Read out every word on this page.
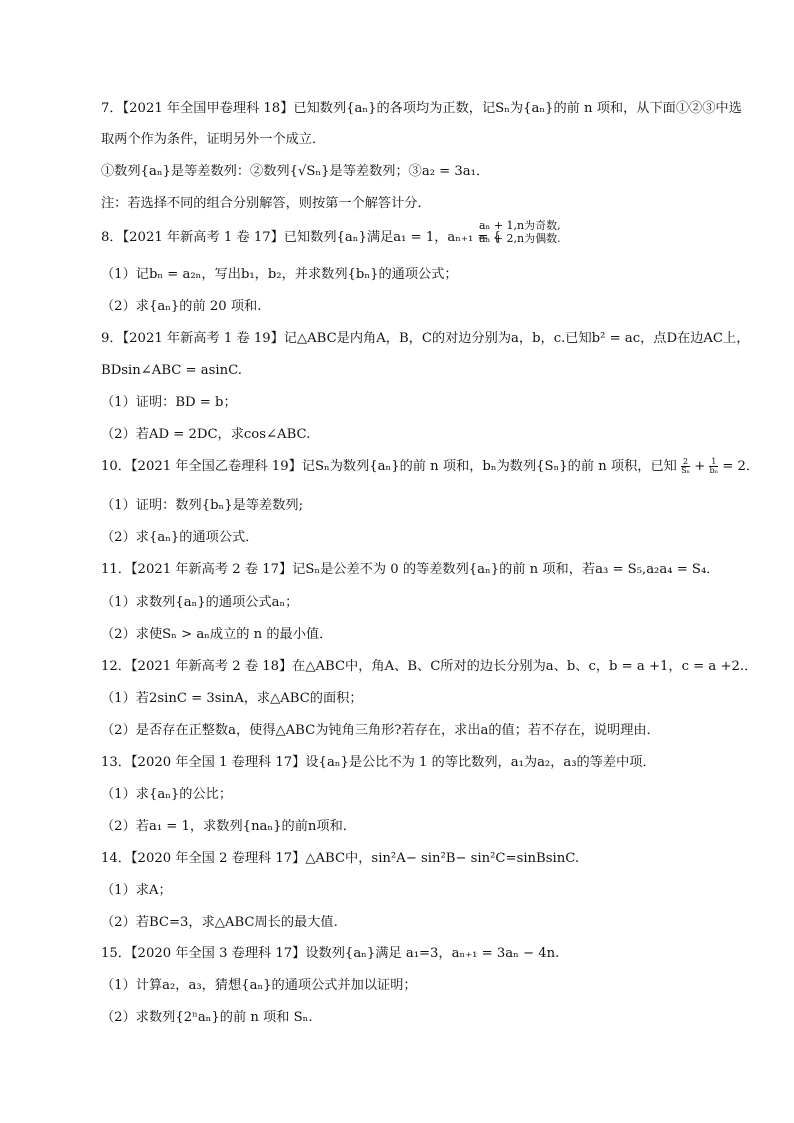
7．【2021 年全国甲卷理科 18】已知数列{aₙ}的各项均为正数，记Sₙ为{aₙ}的前 n 项和，从下面①②③中选
取两个作为条件，证明另外一个成立．
①数列{aₙ}是等差数列：②数列{√Sₙ}是等差数列；③a₂ = 3a₁．
注：若选择不同的组合分别解答，则按第一个解答计分．
8．【2021 年新高考 1 卷 17】已知数列{aₙ}满足a₁ = 1，aₙ₊₁ = {
aₙ + 1,n为奇数,
aₙ + 2,n为偶数.
（1）记bₙ = a₂ₙ，写出b₁，b₂，并求数列{bₙ}的通项公式；
（2）求{aₙ}的前 20 项和.
9．【2021 年新高考 1 卷 19】记△ABC是内角A，B，C的对边分别为a，b，c.已知b² = ac，点D在边AC上，
BDsin∠ABC = asinC.
（1）证明：BD = b；
（2）若AD = 2DC，求cos∠ABC.
10．【2021 年全国乙卷理科 19】记Sₙ为数列{aₙ}的前 n 项和，bₙ为数列{Sₙ}的前 n 项积，已知 $\frac{2}{\text{Sₙ}} + \frac{1}{\text{bₙ}} = 2$．
（1）证明：数列{bₙ}是等差数列;
（2）求{aₙ}的通项公式．
11．【2021 年新高考 2 卷 17】记Sₙ是公差不为 0 的等差数列{aₙ}的前 n 项和，若a₃ = S₅,a₂a₄ = S₄．
（1）求数列{aₙ}的通项公式aₙ；
（2）求使Sₙ > aₙ成立的 n 的最小值．
12．【2021 年新高考 2 卷 18】在△ABC中，角A、B、C所对的边长分别为a、b、c，b = a +1，c = a +2.．
（1）若2sinC = 3sinA，求△ABC的面积；
（2）是否存在正整数a，使得△ABC为钝角三角形?若存在，求出a的值；若不存在，说明理由．
13．【2020 年全国 1 卷理科 17】设{aₙ}是公比不为 1 的等比数列，a₁为a₂，a₃的等差中项．
（1）求{aₙ}的公比；
（2）若a₁ = 1，求数列{naₙ}的前n项和．
14．【2020 年全国 2 卷理科 17】△ABC中，sin²A− sin²B− sin²C=sinBsinC.
（1）求A；
（2）若BC=3，求△ABC周长的最大值.
15．【2020 年全国 3 卷理科 17】设数列{aₙ}满足 a₁=3，aₙ₊₁ = 3aₙ − 4n.
（1）计算a₂，a₃，猜想{aₙ}的通项公式并加以证明；
（2）求数列{2ⁿaₙ}的前 n 项和 Sₙ.
